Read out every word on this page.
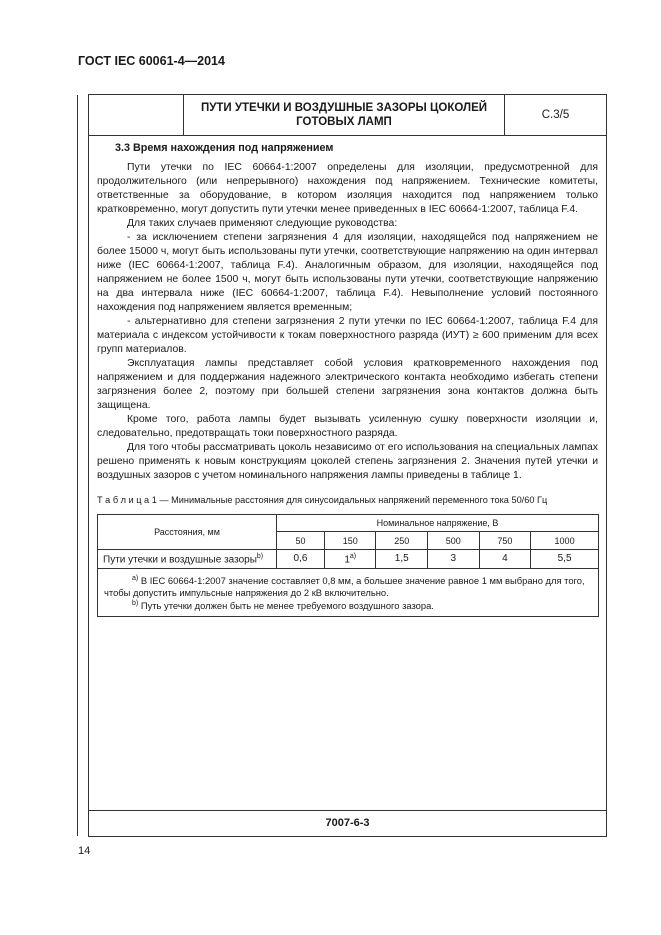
ГОСТ IEC 60061-4—2014
ПУТИ УТЕЧКИ И ВОЗДУШНЫЕ ЗАЗОРЫ ЦОКОЛЕЙ ГОТОВЫХ ЛАМП
С.3/5
3.3 Время нахождения под напряжением

Пути утечки по IEC 60664-1:2007 определены для изоляции, предусмотренной для продолжительного (или непрерывного) нахождения под напряжением. Технические комитеты, ответственные за оборудование, в котором изоляция находится под напряжением только кратковременно, могут допустить пути утечки менее приведенных в IEC 60664-1:2007, таблица F.4.

Для таких случаев применяют следующие руководства:

- за исключением степени загрязнения 4 для изоляции, находящейся под напряжением не более 15000 ч, могут быть использованы пути утечки, соответствующие напряжению на один интервал ниже (IEC 60664-1:2007, таблица F.4). Аналогичным образом, для изоляции, находящейся под напряжением не более 1500 ч, могут быть использованы пути утечки, соответствующие напряжению на два интервала ниже (IEC 60664-1:2007, таблица F.4). Невыполнение условий постоянного нахождения под напряжением является временным;

- альтернативно для степени загрязнения 2 пути утечки по IEC 60664-1:2007, таблица F.4 для материала с индексом устойчивости к токам поверхностного разряда (ИУТ) ≥ 600 применим для всех групп материалов.

Эксплуатация лампы представляет собой условия кратковременного нахождения под напряжением и для поддержания надежного электрического контакта необходимо избегать степени загрязнения более 2, поэтому при большей степени загрязнения зона контактов должна быть защищена.

Кроме того, работа лампы будет вызывать усиленную сушку поверхности изоляции и, следовательно, предотвращать токи поверхностного разряда.

Для того чтобы рассматривать цоколь независимо от его использования на специальных лампах решено применять к новым конструкциям цоколей степень загрязнения 2. Значения путей утечки и воздушных зазоров с учетом номинального напряжения лампы приведены в таблице 1.

Т а б л и ц а 1 — Минимальные расстояния для синусоидальных напряжений переменного тока 50/60 Гц
Расстояния, мм	Номинальное напряжение, В					
	50	150	250	500	750	1000
Пути утечки и воздушные зазоры$^{b)}$	0,6	1$^{a)}$	1,5	3	4	5,5

$^{a)}$ В IEC 60664-1:2007 значение составляет 0,8 мм, а большее значение равное 1 мм выбрано для того, чтобы допустить импульсные напряжения до 2 кВ включительно.
$^{b)}$ Путь утечки должен быть не менее требуемого воздушного зазора.						
7007-6-3
14
